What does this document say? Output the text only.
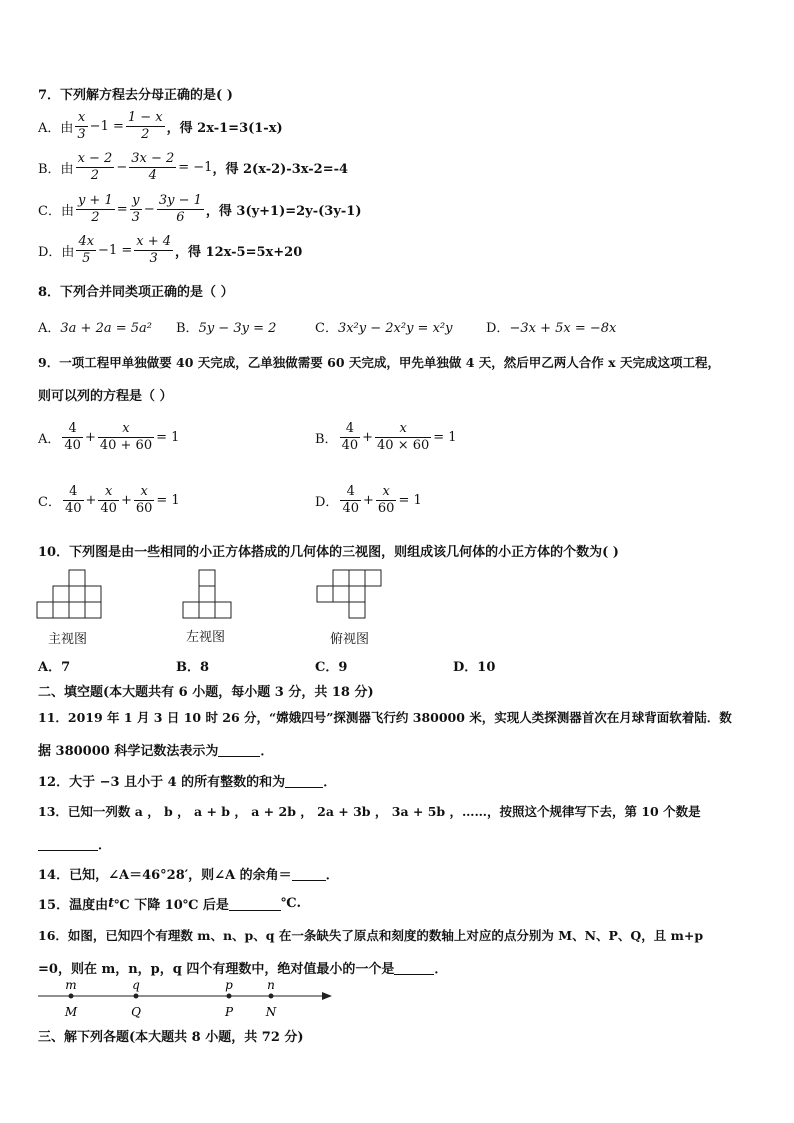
7．下列解方程去分母正确的是( )
A．由 $\frac{x}{3} -1 = \frac{1 - x}{2}$ ，得 2x-1=3(1-x)
B．由 $\frac{x - 2}{2} - \frac{3x - 2}{4} = -1$ ，得 2(x-2)-3x-2=-4
C．由 $\frac{y + 1}{2} = \frac{y}{3} - \frac{3y - 1}{6}$ ，得 3(y+1)=2y-(3y-1)
D．由 $\frac{4x}{5} -1 = \frac{x + 4}{3}$ ，得 12x-5=5x+20
8．下列合并同类项正确的是（ ）
A．3a + 2a = 5a² B．5y − 3y = 2	C．3x²y − 2x²y = x²y	D．−3x + 5x = −8x
9．一项工程甲单独做要 40 天完成，乙单独做需要 60 天完成，甲先单独做 4 天，然后甲乙两人合作 x 天完成这项工程，
则可以列的方程是（ ）
A． $\frac{4}{40} + \frac{x}{40 + 60} = 1$	B． $\frac{4}{40} + \frac{x}{40 \times 60} = 1$
C． $\frac{4}{40} + \frac{x}{40} + \frac{x}{60} = 1$	D． $\frac{4}{40} + \frac{x}{60} = 1$
10．下列图是由一些相同的小正方体搭成的几何体的三视图，则组成该几何体的小正方体的个数为( )
主视图	左视图	俯视图
A．7	B．8	C．9	D．10
二、填空题(本大题共有 6 小题，每小题 3 分，共 18 分)
11．2019 年 1 月 3 日 10 时 26 分，“嫦娥四号”探测器飞行约 380000 米，实现人类探测器首次在月球背面软着陆．数
据 380000 科学记数法表示为	．
12．大于 −3 且小于 4 的所有整数的和为	．
13．已知一列数 a ， b ， a + b ， a + 2b ， 2a + 3b ， 3a + 5b ，……，按照这个规律写下去，第 10 个数是
．
14．已知，∠A＝46°28′，则∠A 的余角＝	．
15．温度由 t ℃ 下降 10℃ 后是	℃.
16．如图，已知四个有理数 m、n、p、q 在一条缺失了原点和刻度的数轴上对应的点分别为 M、N、P、Q，且 m+p
=0，则在 m，n，p，q 四个有理数中，绝对值最小的一个是	．
m
M
q
Q
p
P
n
N
三、解下列各题(本大题共 8 小题，共 72 分)
